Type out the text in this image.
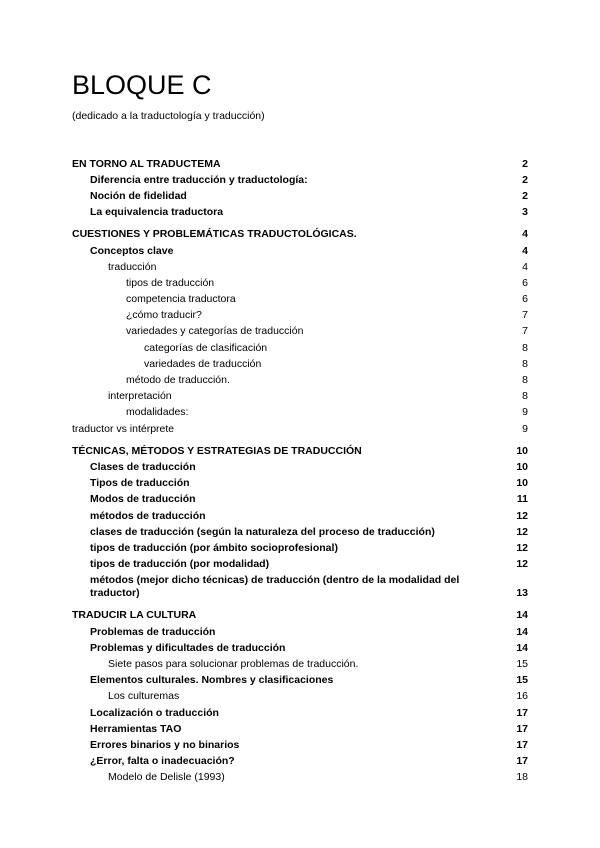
BLOQUE C
(dedicado a la traductología y traducción)
EN TORNO AL TRADUCTEMA	2
Diferencia entre traducción y traductología:	2
Noción de fidelidad	2
La equivalencia traductora	3
CUESTIONES Y PROBLEMÁTICAS TRADUCTOLÓGICAS.	4
Conceptos clave	4
traducción	4
tipos de traducción	6
competencia traductora	6
¿cómo traducir?	7
variedades y categorías de traducción	7
categorías de clasificación	8
variedades de traducción	8
método de traducción.	8
interpretación	8
modalidades:	9
traductor vs intérprete	9
TÉCNICAS, MÉTODOS Y ESTRATEGIAS DE TRADUCCIÓN	10
Clases de traducción	10
Tipos de traducción	10
Modos de traducción	11
métodos de traducción	12
clases de traducción (según la naturaleza del proceso de traducción)	12
tipos de traducción (por ámbito socioprofesional)	12
tipos de traducción (por modalidad)	12
métodos (mejor dicho técnicas) de traducción (dentro de la modalidad del traductor)	13
TRADUCIR LA CULTURA	14
Problemas de traducción	14
Problemas y dificultades de traducción	14
Siete pasos para solucionar problemas de traducción.	15
Elementos culturales. Nombres y clasificaciones	15
Los culturemas	16
Localización o traducción	17
Herramientas TAO	17
Errores binarios y no binarios	17
¿Error, falta o inadecuación?	17
Modelo de Delisle (1993)	18
